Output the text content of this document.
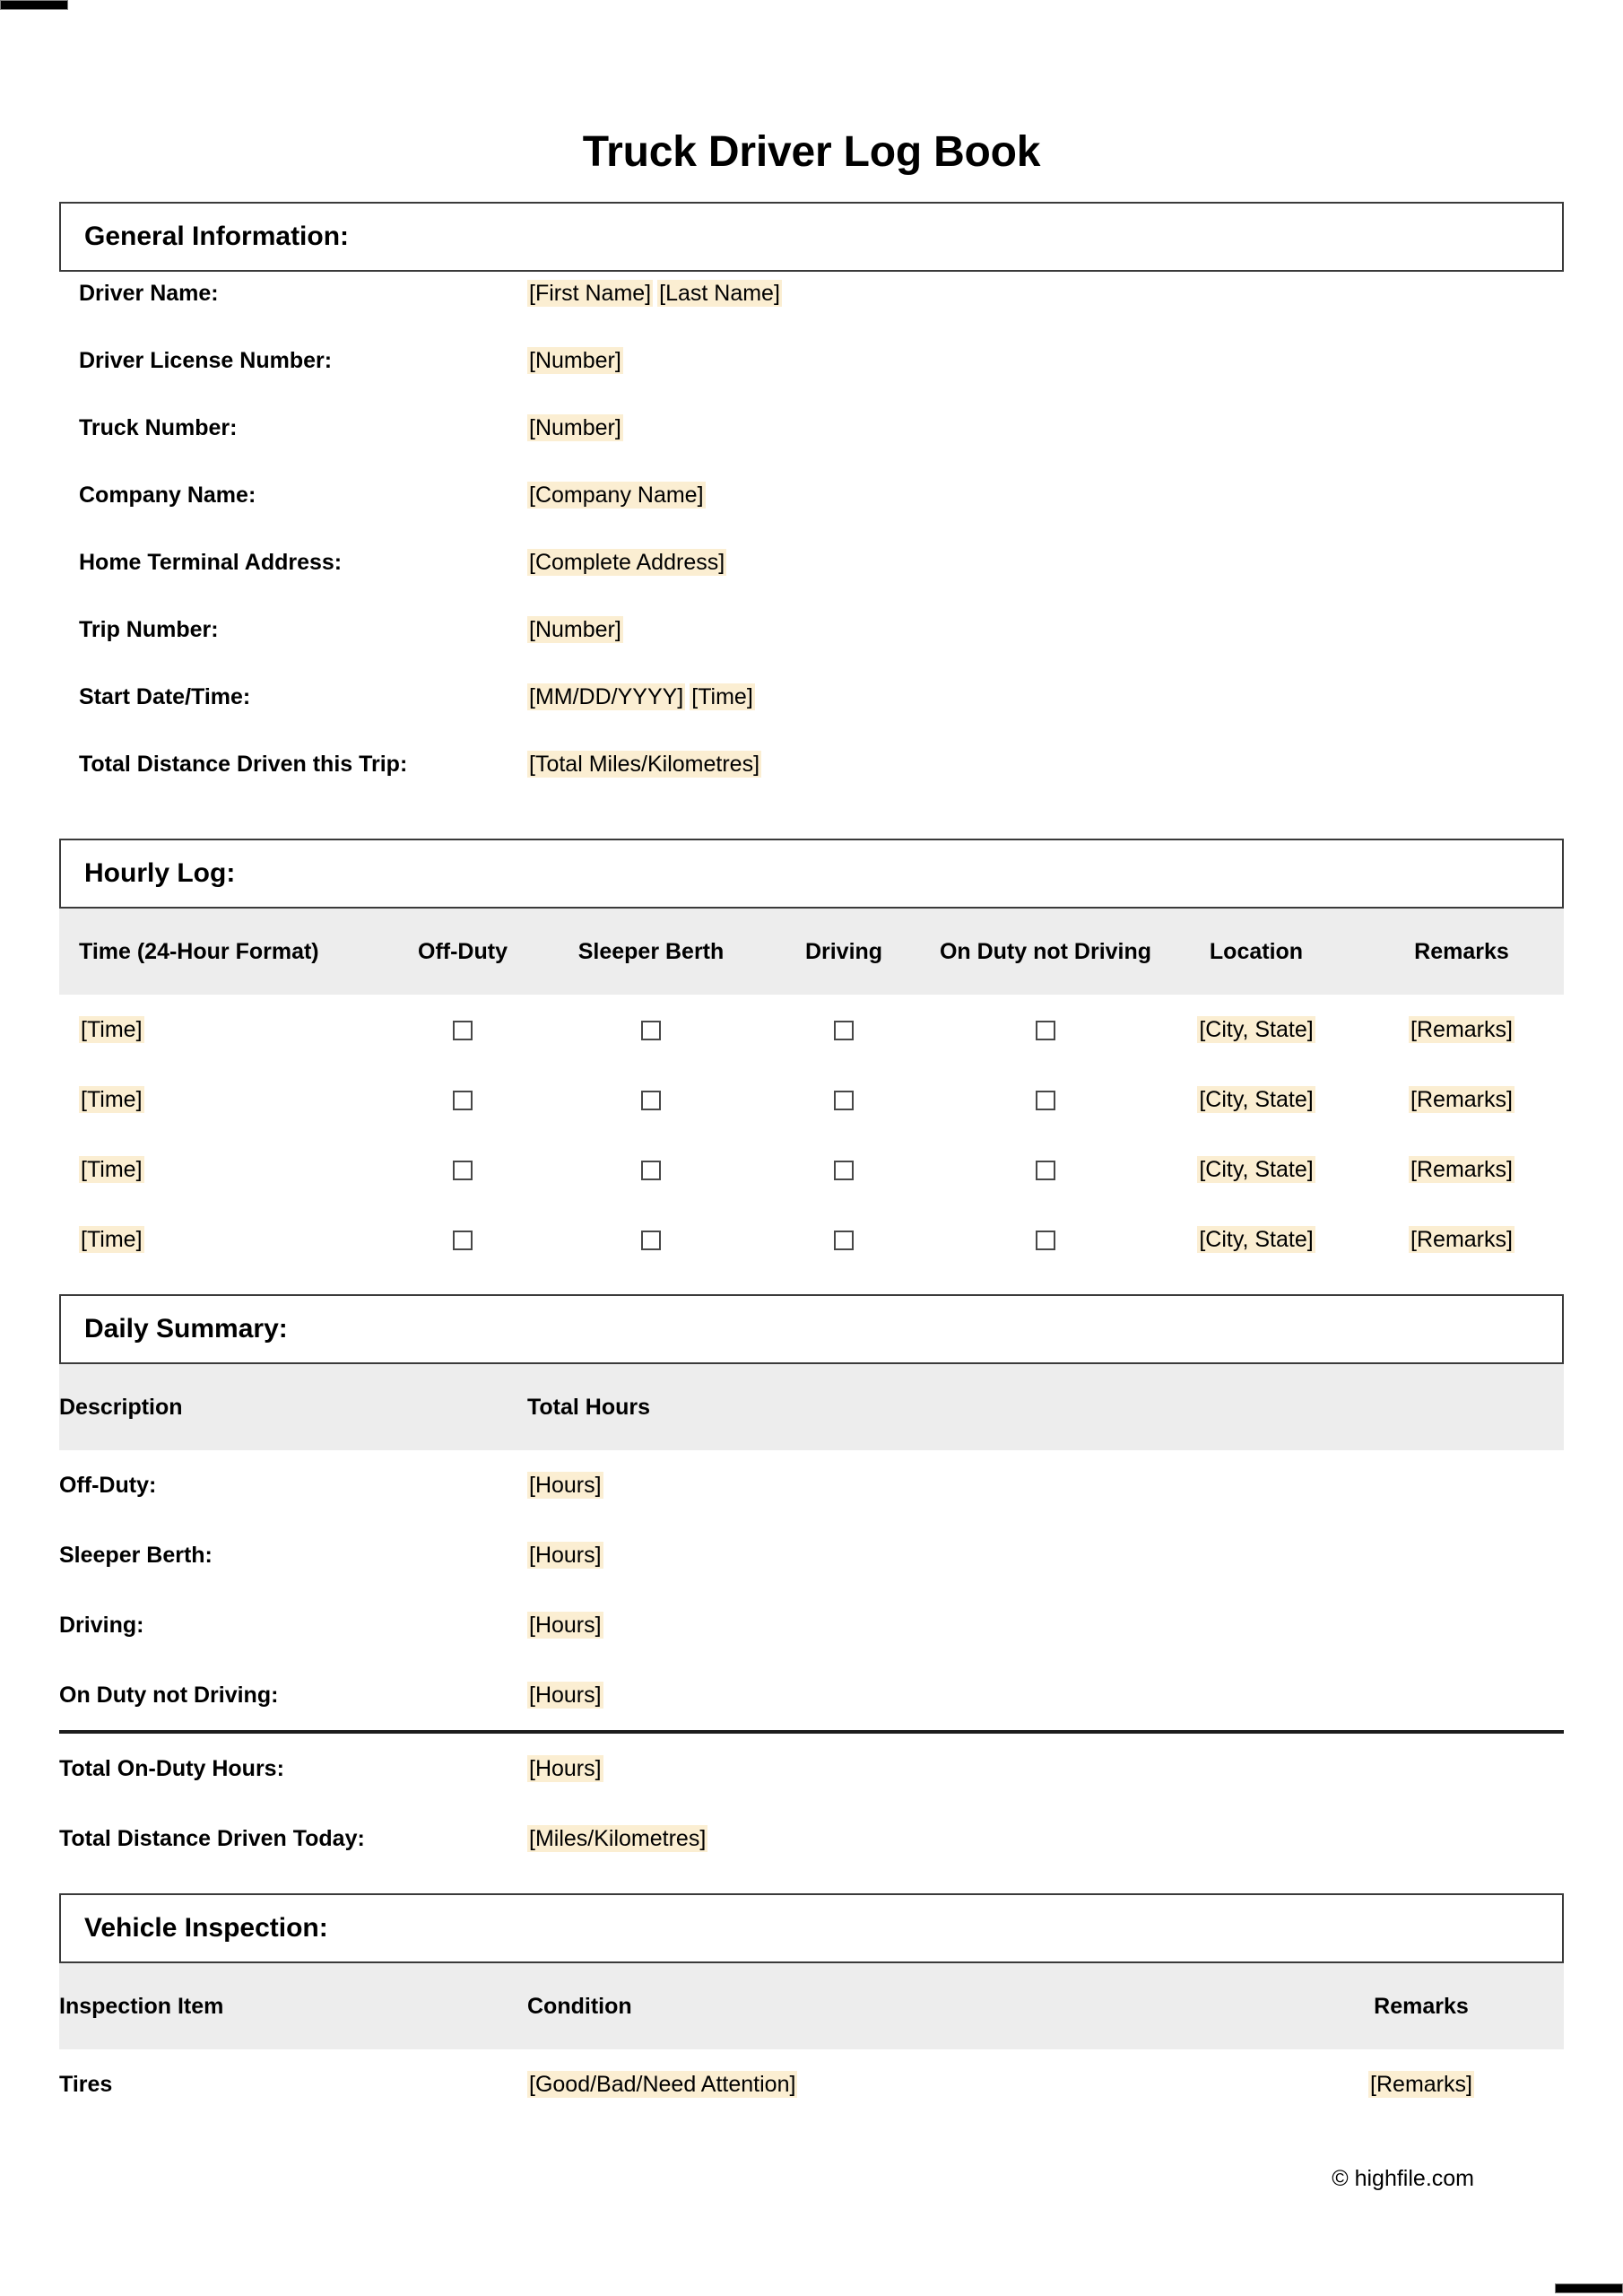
Truck Driver Log Book
General Information:
Driver Name:	[First Name] [Last Name]
Driver License Number:	[Number]
Truck Number:	[Number]
Company Name:	[Company Name]
Home Terminal Address:	[Complete Address]
Trip Number:	[Number]
Start Date/Time:	[MM/DD/YYYY] [Time]
Total Distance Driven this Trip:	[Total Miles/Kilometres]
Hourly Log:
Time (24-Hour Format)	Off-Duty	Sleeper Berth	Driving	On Duty not Driving	Location	Remarks
[Time]					[City, State]	[Remarks]
[Time]					[City, State]	[Remarks]
[Time]					[City, State]	[Remarks]
[Time]					[City, State]	[Remarks]
Daily Summary:
Description	Total Hours
Off-Duty:	[Hours]
Sleeper Berth:	[Hours]
Driving:	[Hours]
On Duty not Driving:	[Hours]
Total On-Duty Hours:	[Hours]
Total Distance Driven Today:	[Miles/Kilometres]
Vehicle Inspection:
Inspection Item	Condition	Remarks
Tires	[Good/Bad/Need Attention]	[Remarks]
© highfile.com
